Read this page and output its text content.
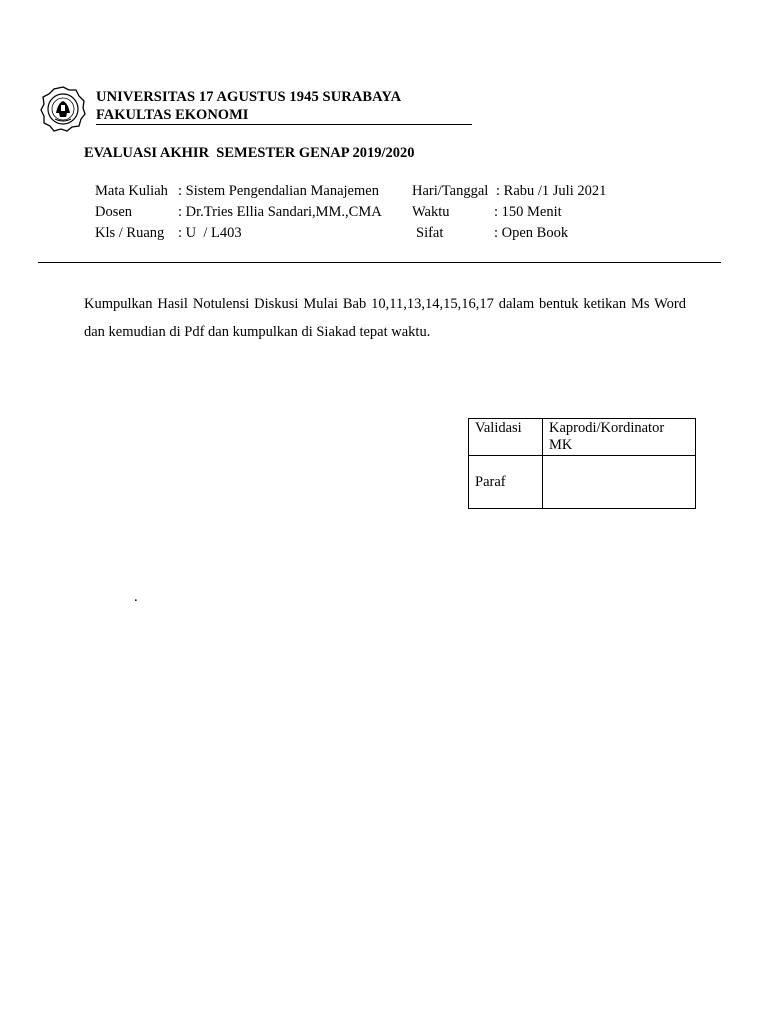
UNIVERSITAS 17 AGUSTUS 1945 SURABAYA
FAKULTAS EKONOMI
EVALUASI AKHIR  SEMESTER GENAP 2019/2020
Mata Kuliah : Sistem Pengendalian Manajemen
Dosen	: Dr.Tries Ellia Sandari,MM.,CMA
Kls / Ruang : U  / L403
Hari/Tanggal : Rabu /1 Juli 2021
Waktu	: 150 Menit
Sifat	: Open Book
Kumpulkan Hasil Notulensi Diskusi Mulai Bab 10,11,13,14,15,16,17 dalam bentuk ketikan Ms Word dan kemudian di Pdf dan kumpulkan di Siakad tepat waktu.
Validasi	Kaprodi/Kordinator MK
Paraf	
.
